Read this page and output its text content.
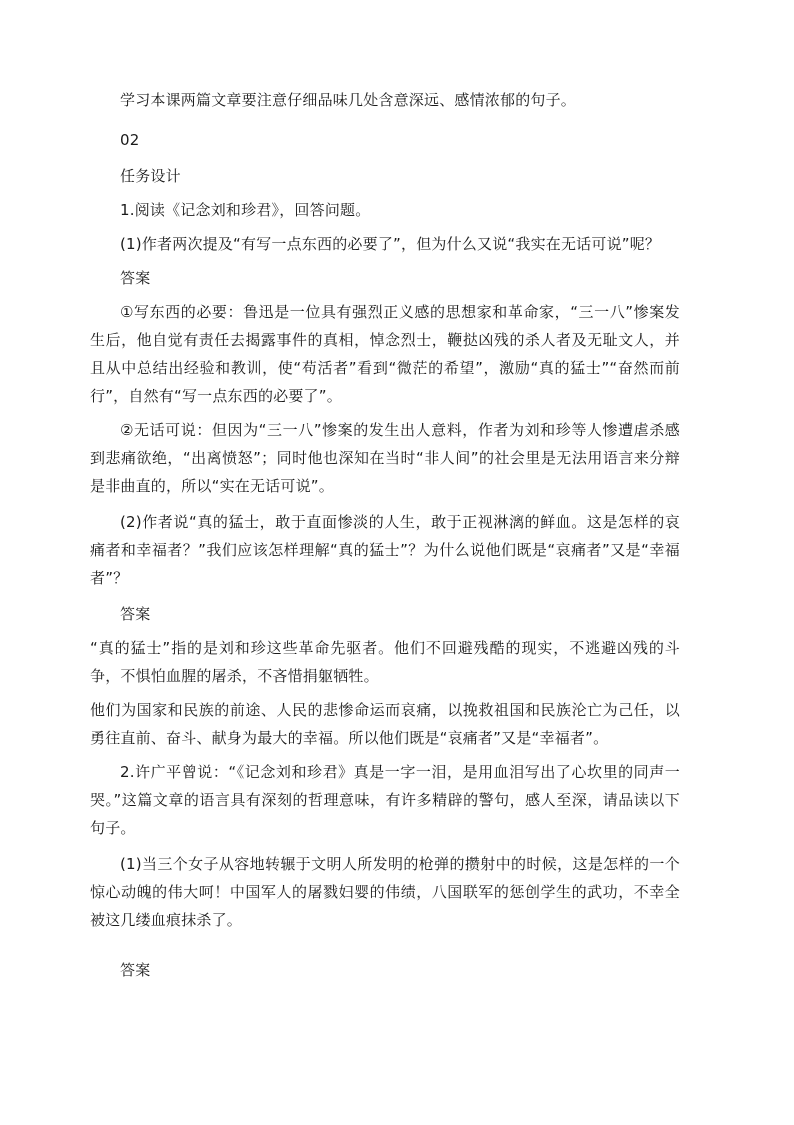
学习本课两篇文章要注意仔细品味几处含意深远、感情浓郁的句子。

02

任务设计

1.阅读《记念刘和珍君》，回答问题。

(1)作者两次提及“有写一点东西的必要了”，但为什么又说“我实在无话可说”呢？

答案

①写东西的必要：鲁迅是一位具有强烈正义感的思想家和革命家，“三一八”惨案发生后，他自觉有责任去揭露事件的真相，悼念烈士，鞭挞凶残的杀人者及无耻文人，并且从中总结出经验和教训，使“苟活者”看到“微茫的希望”，激励“真的猛士”“奋然而前行”，自然有“写一点东西的必要了”。

②无话可说：但因为“三一八”惨案的发生出人意料，作者为刘和珍等人惨遭虐杀感到悲痛欲绝，“出离愤怒”；同时他也深知在当时“非人间”的社会里是无法用语言来分辩是非曲直的，所以“实在无话可说”。

(2)作者说“真的猛士，敢于直面惨淡的人生，敢于正视淋漓的鲜血。这是怎样的哀痛者和幸福者？”我们应该怎样理解“真的猛士”？为什么说他们既是“哀痛者”又是“幸福者”？

答案

“真的猛士”指的是刘和珍这些革命先驱者。他们不回避残酷的现实，不逃避凶残的斗争，不惧怕血腥的屠杀，不吝惜捐躯牺牲。

他们为国家和民族的前途、人民的悲惨命运而哀痛，以挽救祖国和民族沦亡为己任，以勇往直前、奋斗、献身为最大的幸福。所以他们既是“哀痛者”又是“幸福者”。

2.许广平曾说：“《记念刘和珍君》真是一字一泪，是用血泪写出了心坎里的同声一哭。”这篇文章的语言具有深刻的哲理意味，有许多精辟的警句，感人至深，请品读以下句子。

(1)当三个女子从容地转辗于文明人所发明的枪弹的攒射中的时候，这是怎样的一个惊心动魄的伟大呵！中国军人的屠戮妇婴的伟绩，八国联军的惩创学生的武功，不幸全被这几缕血痕抹杀了。

答案
